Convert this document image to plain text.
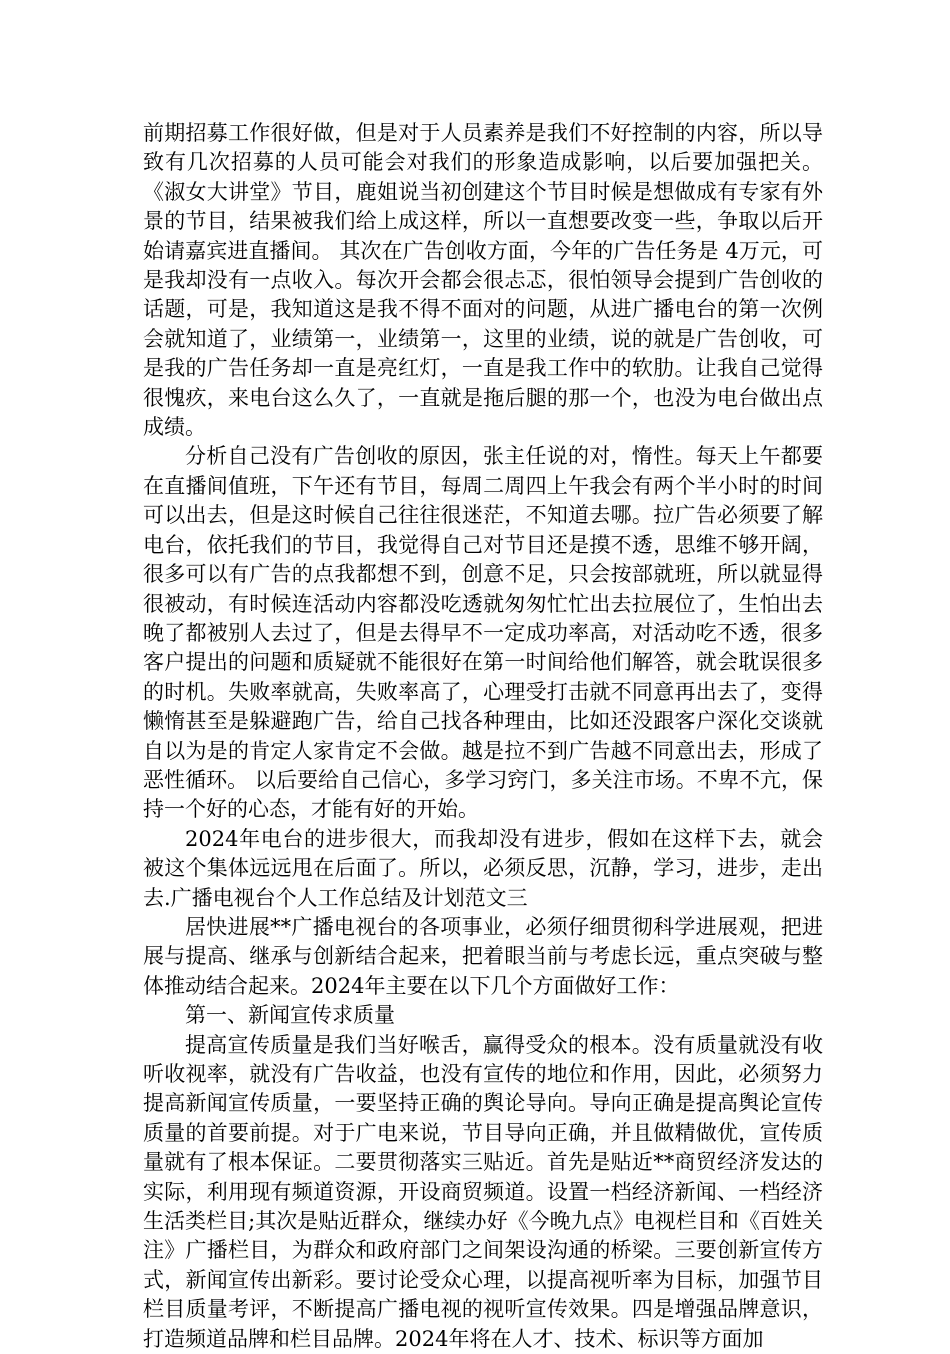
前期招募工作很好做，但是对于人员素养是我们不好控制的内容，所以导致有几次招募的人员可能会对我们的形象造成影响，以后要加强把关。《淑女大讲堂》节目，鹿姐说当初创建这个节目时候是想做成有专家有外景的节目，结果被我们给上成这样，所以一直想要改变一些，争取以后开始请嘉宾进直播间。 其次在广告创收方面，今年的广告任务是 4万元，可是我却没有一点收入。每次开会都会很忐忑，很怕领导会提到广告创收的话题，可是，我知道这是我不得不面对的问题，从进广播电台的第一次例会就知道了，业绩第一，业绩第一，这里的业绩，说的就是广告创收，可是我的广告任务却一直是亮红灯，一直是我工作中的软肋。让我自己觉得很愧疚，来电台这么久了，一直就是拖后腿的那一个，也没为电台做出点成绩。

分析自己没有广告创收的原因，张主任说的对，惰性。每天上午都要在直播间值班，下午还有节目，每周二周四上午我会有两个半小时的时间可以出去，但是这时候自己往往很迷茫，不知道去哪。拉广告必须要了解电台，依托我们的节目，我觉得自己对节目还是摸不透，思维不够开阔，很多可以有广告的点我都想不到，创意不足，只会按部就班，所以就显得很被动，有时候连活动内容都没吃透就匆匆忙忙出去拉展位了，生怕出去晚了都被别人去过了，但是去得早不一定成功率高，对活动吃不透，很多客户提出的问题和质疑就不能很好在第一时间给他们解答，就会耽误很多的时机。失败率就高，失败率高了，心理受打击就不同意再出去了，变得懒惰甚至是躲避跑广告，给自己找各种理由，比如还没跟客户深化交谈就自以为是的肯定人家肯定不会做。越是拉不到广告越不同意出去，形成了恶性循环。 以后要给自己信心，多学习窍门，多关注市场。不卑不亢，保持一个好的心态，才能有好的开始。

2024年电台的进步很大，而我却没有进步，假如在这样下去，就会被这个集体远远甩在后面了。所以，必须反思，沉静，学习，进步，走出去.广播电视台个人工作总结及计划范文三

居快进展**广播电视台的各项事业，必须仔细贯彻科学进展观，把进展与提高、继承与创新结合起来，把着眼当前与考虑长远，重点突破与整体推动结合起来。2024年主要在以下几个方面做好工作：

第一、新闻宣传求质量

提高宣传质量是我们当好喉舌，赢得受众的根本。没有质量就没有收听收视率，就没有广告收益，也没有宣传的地位和作用，因此，必须努力提高新闻宣传质量，一要坚持正确的舆论导向。导向正确是提高舆论宣传质量的首要前提。对于广电来说，节目导向正确，并且做精做优，宣传质量就有了根本保证。二要贯彻落实三贴近。首先是贴近**商贸经济发达的实际，利用现有频道资源，开设商贸频道。设置一档经济新闻、一档经济生活类栏目;其次是贴近群众，继续办好《今晚九点》电视栏目和《百姓关注》广播栏目，为群众和政府部门之间架设沟通的桥梁。三要创新宣传方式，新闻宣传出新彩。要讨论受众心理，以提高视听率为目标，加强节目栏目质量考评，不断提高广播电视的视听宣传效果。四是增强品牌意识，打造频道品牌和栏目品牌。2024年将在人才、技术、标识等方面加
